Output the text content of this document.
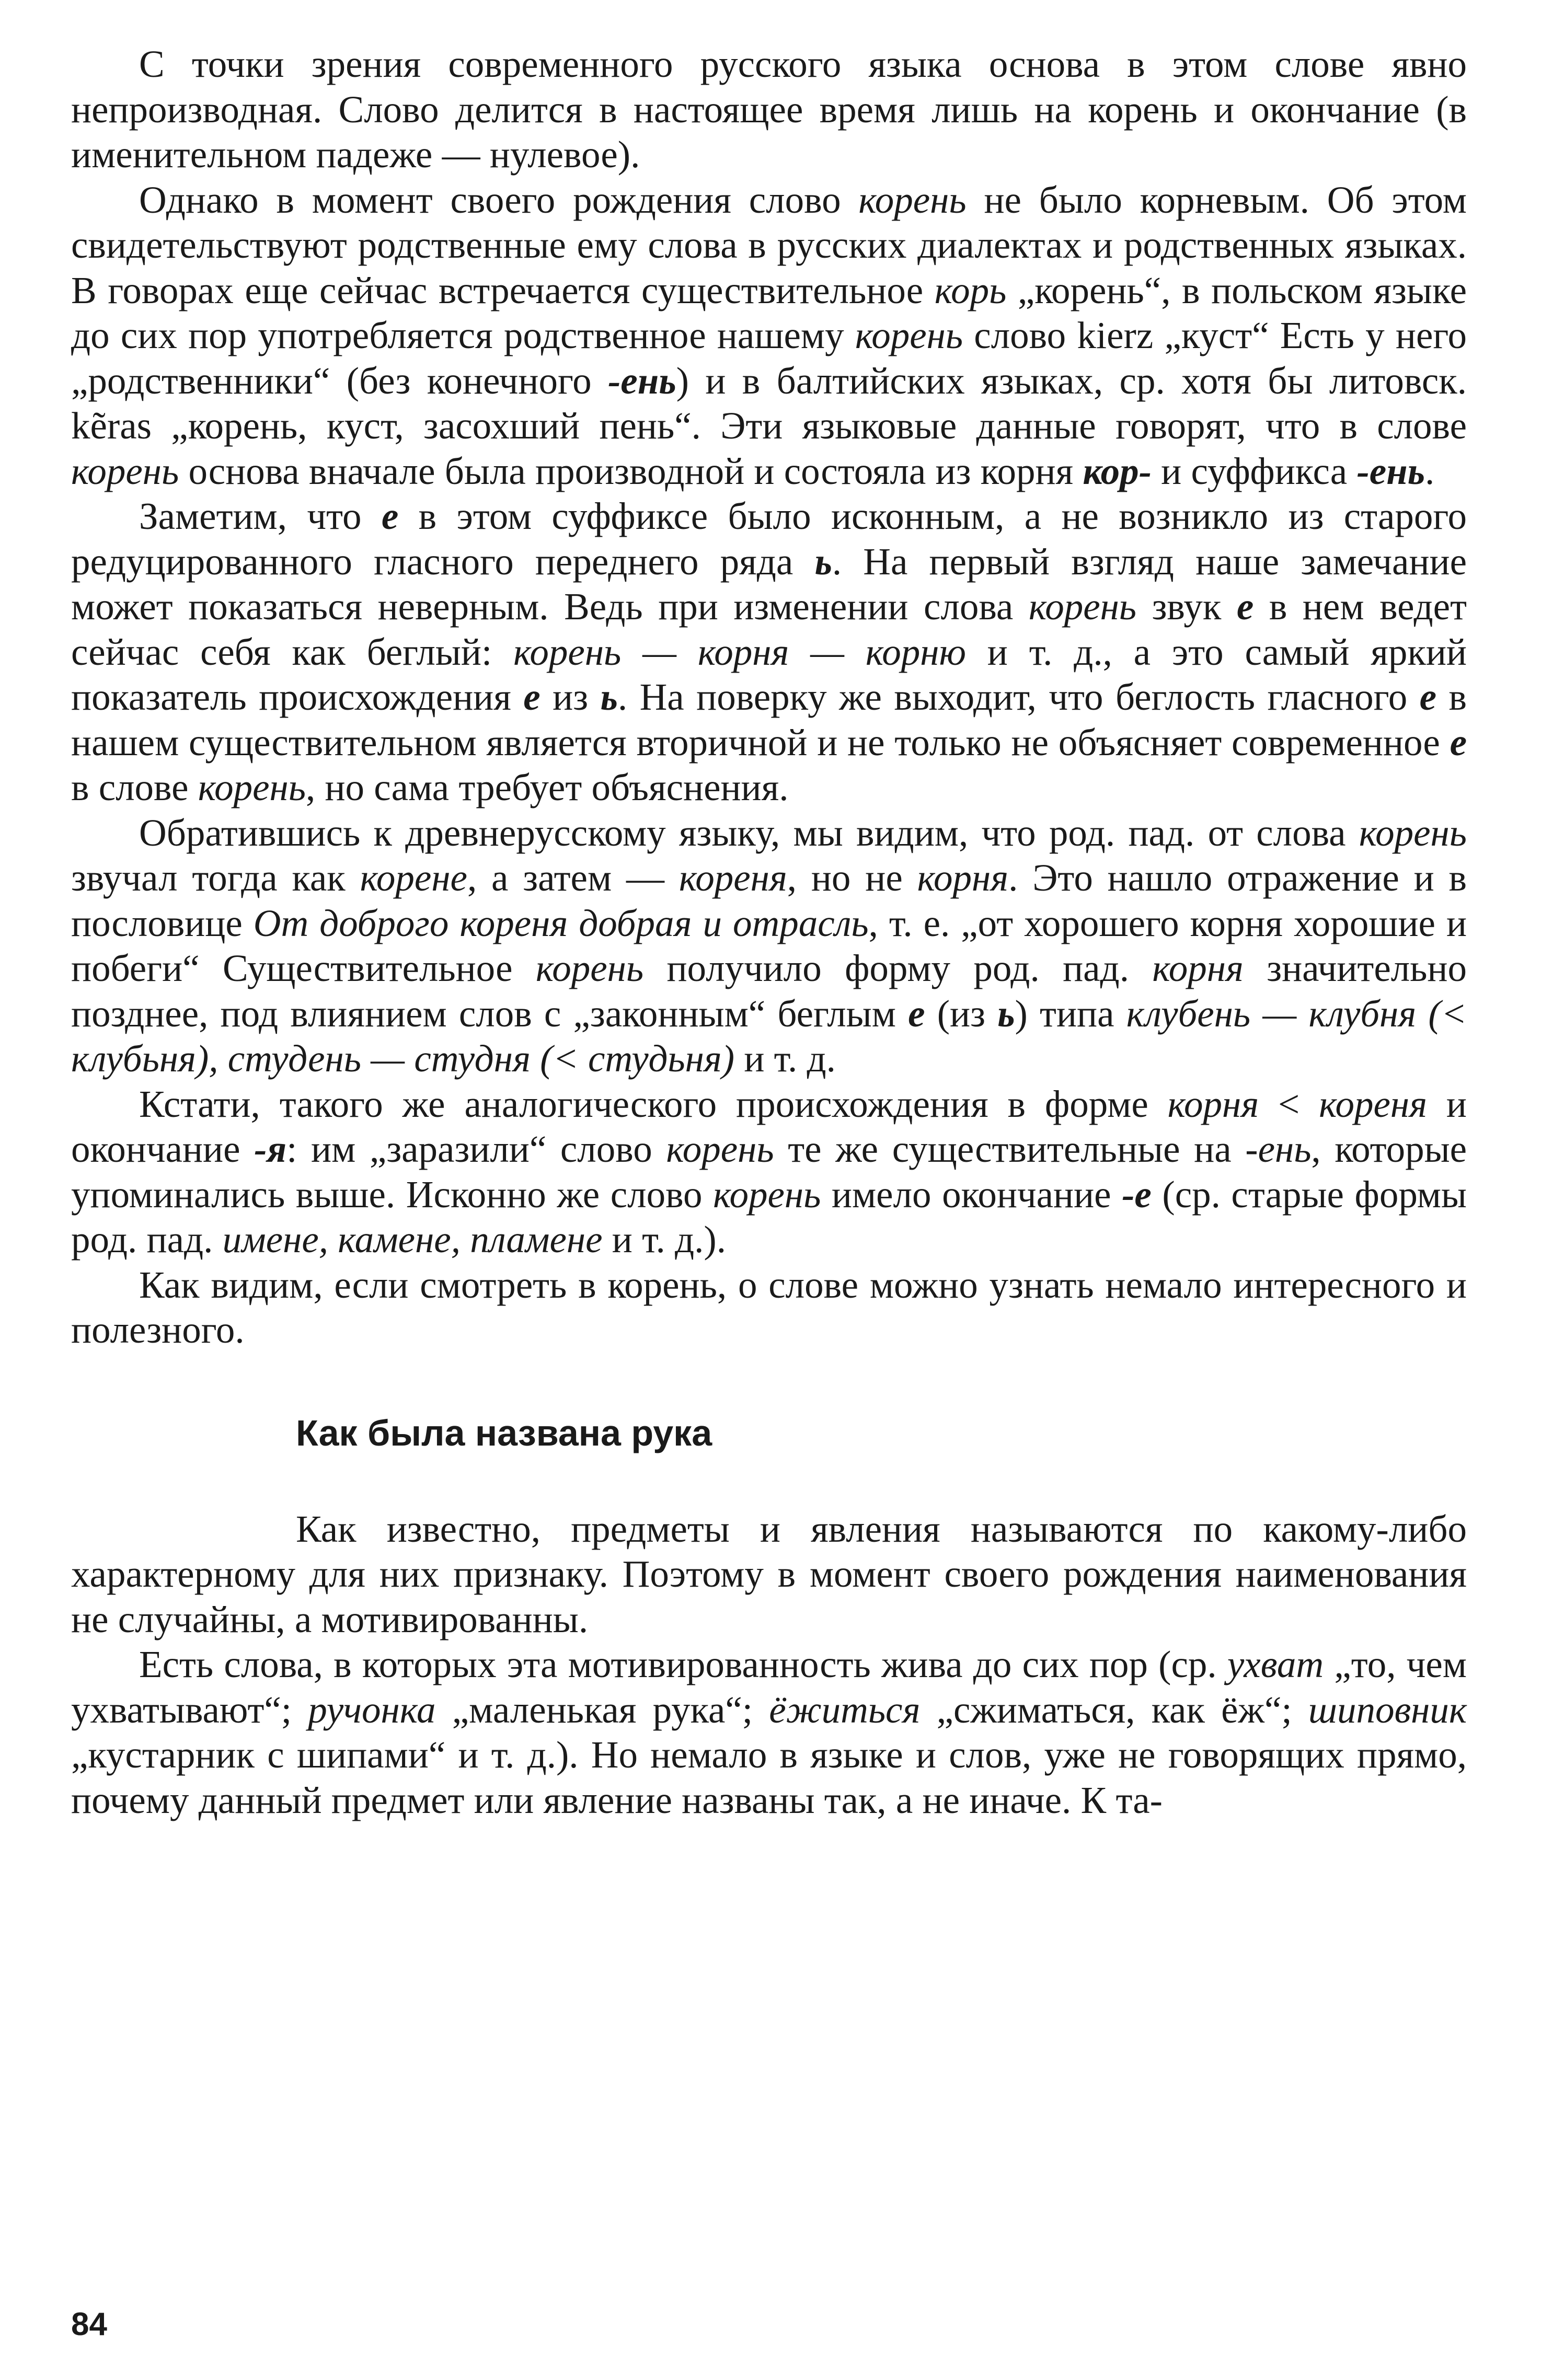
С точки зрения современного русского языка основа в этом слове явно непроизводная. Слово делится в настоящее время лишь на корень и окончание (в именительном падеже — нулевое).

Однако в момент своего рождения слово корень не было корневым. Об этом свидетельствуют родственные ему слова в русских диалектах и родственных языках. В говорах еще сейчас встречается существительное корь „корень“, в польском языке до сих пор употребляется родственное нашему корень слово kierz „куст“ Есть у него „родственники“ (без конечного -ень) и в балтийских языках, ср. хотя бы литовск. kẽras „корень, куст, засохший пень“. Эти языковые данные говорят, что в слове корень основа вначале была производной и состояла из корня кор- и суффикса -ень.

Заметим, что е в этом суффиксе было исконным, а не возникло из старого редуцированного гласного переднего ряда ь. На первый взгляд наше замечание может показаться неверным. Ведь при изменении слова корень звук е в нем ведет сейчас себя как беглый: корень — корня — корню и т. д., а это самый яркий показатель происхождения е из ь. На поверку же выходит, что беглость гласного е в нашем существительном является вторичной и не только не объясняет современное е в слове корень, но сама требует объяснения.

Обратившись к древнерусскому языку, мы видим, что род. пад. от слова корень звучал тогда как корене, а затем — кореня, но не корня. Это нашло отражение и в пословице От доброго кореня добрая и отрасль, т. е. „от хорошего корня хорошие и побеги“ Существительное корень получило форму род. пад. корня значительно позднее, под влиянием слов с „законным“ беглым е (из ь) типа клубень — клубня (< клубьня), студень — студня (< студьня) и т. д.

Кстати, такого же аналогического происхождения в форме корня < кореня и окончание -я: им „заразили“ слово корень те же существительные на -ень, которые упоминались выше. Исконно же слово корень имело окончание -е (ср. старые формы род. пад. имене, камене, пламене и т. д.).

Как видим, если смотреть в корень, о слове можно узнать немало интересного и полезного.

Как была названа рука

Как известно, предметы и явления называются по какому-либо характерному для них признаку. Поэтому в момент своего рождения наименования не случайны, а мотивированны.

Есть слова, в которых эта мотивированность жива до сих пор (ср. ухват „то, чем ухватывают“; ручонка „маленькая рука“; ёжиться „сжиматься, как ёж“; шиповник „кустарник с шипами“ и т. д.). Но немало в языке и слов, уже не говорящих прямо, почему данный предмет или явление названы так, а не иначе. К та-

84
